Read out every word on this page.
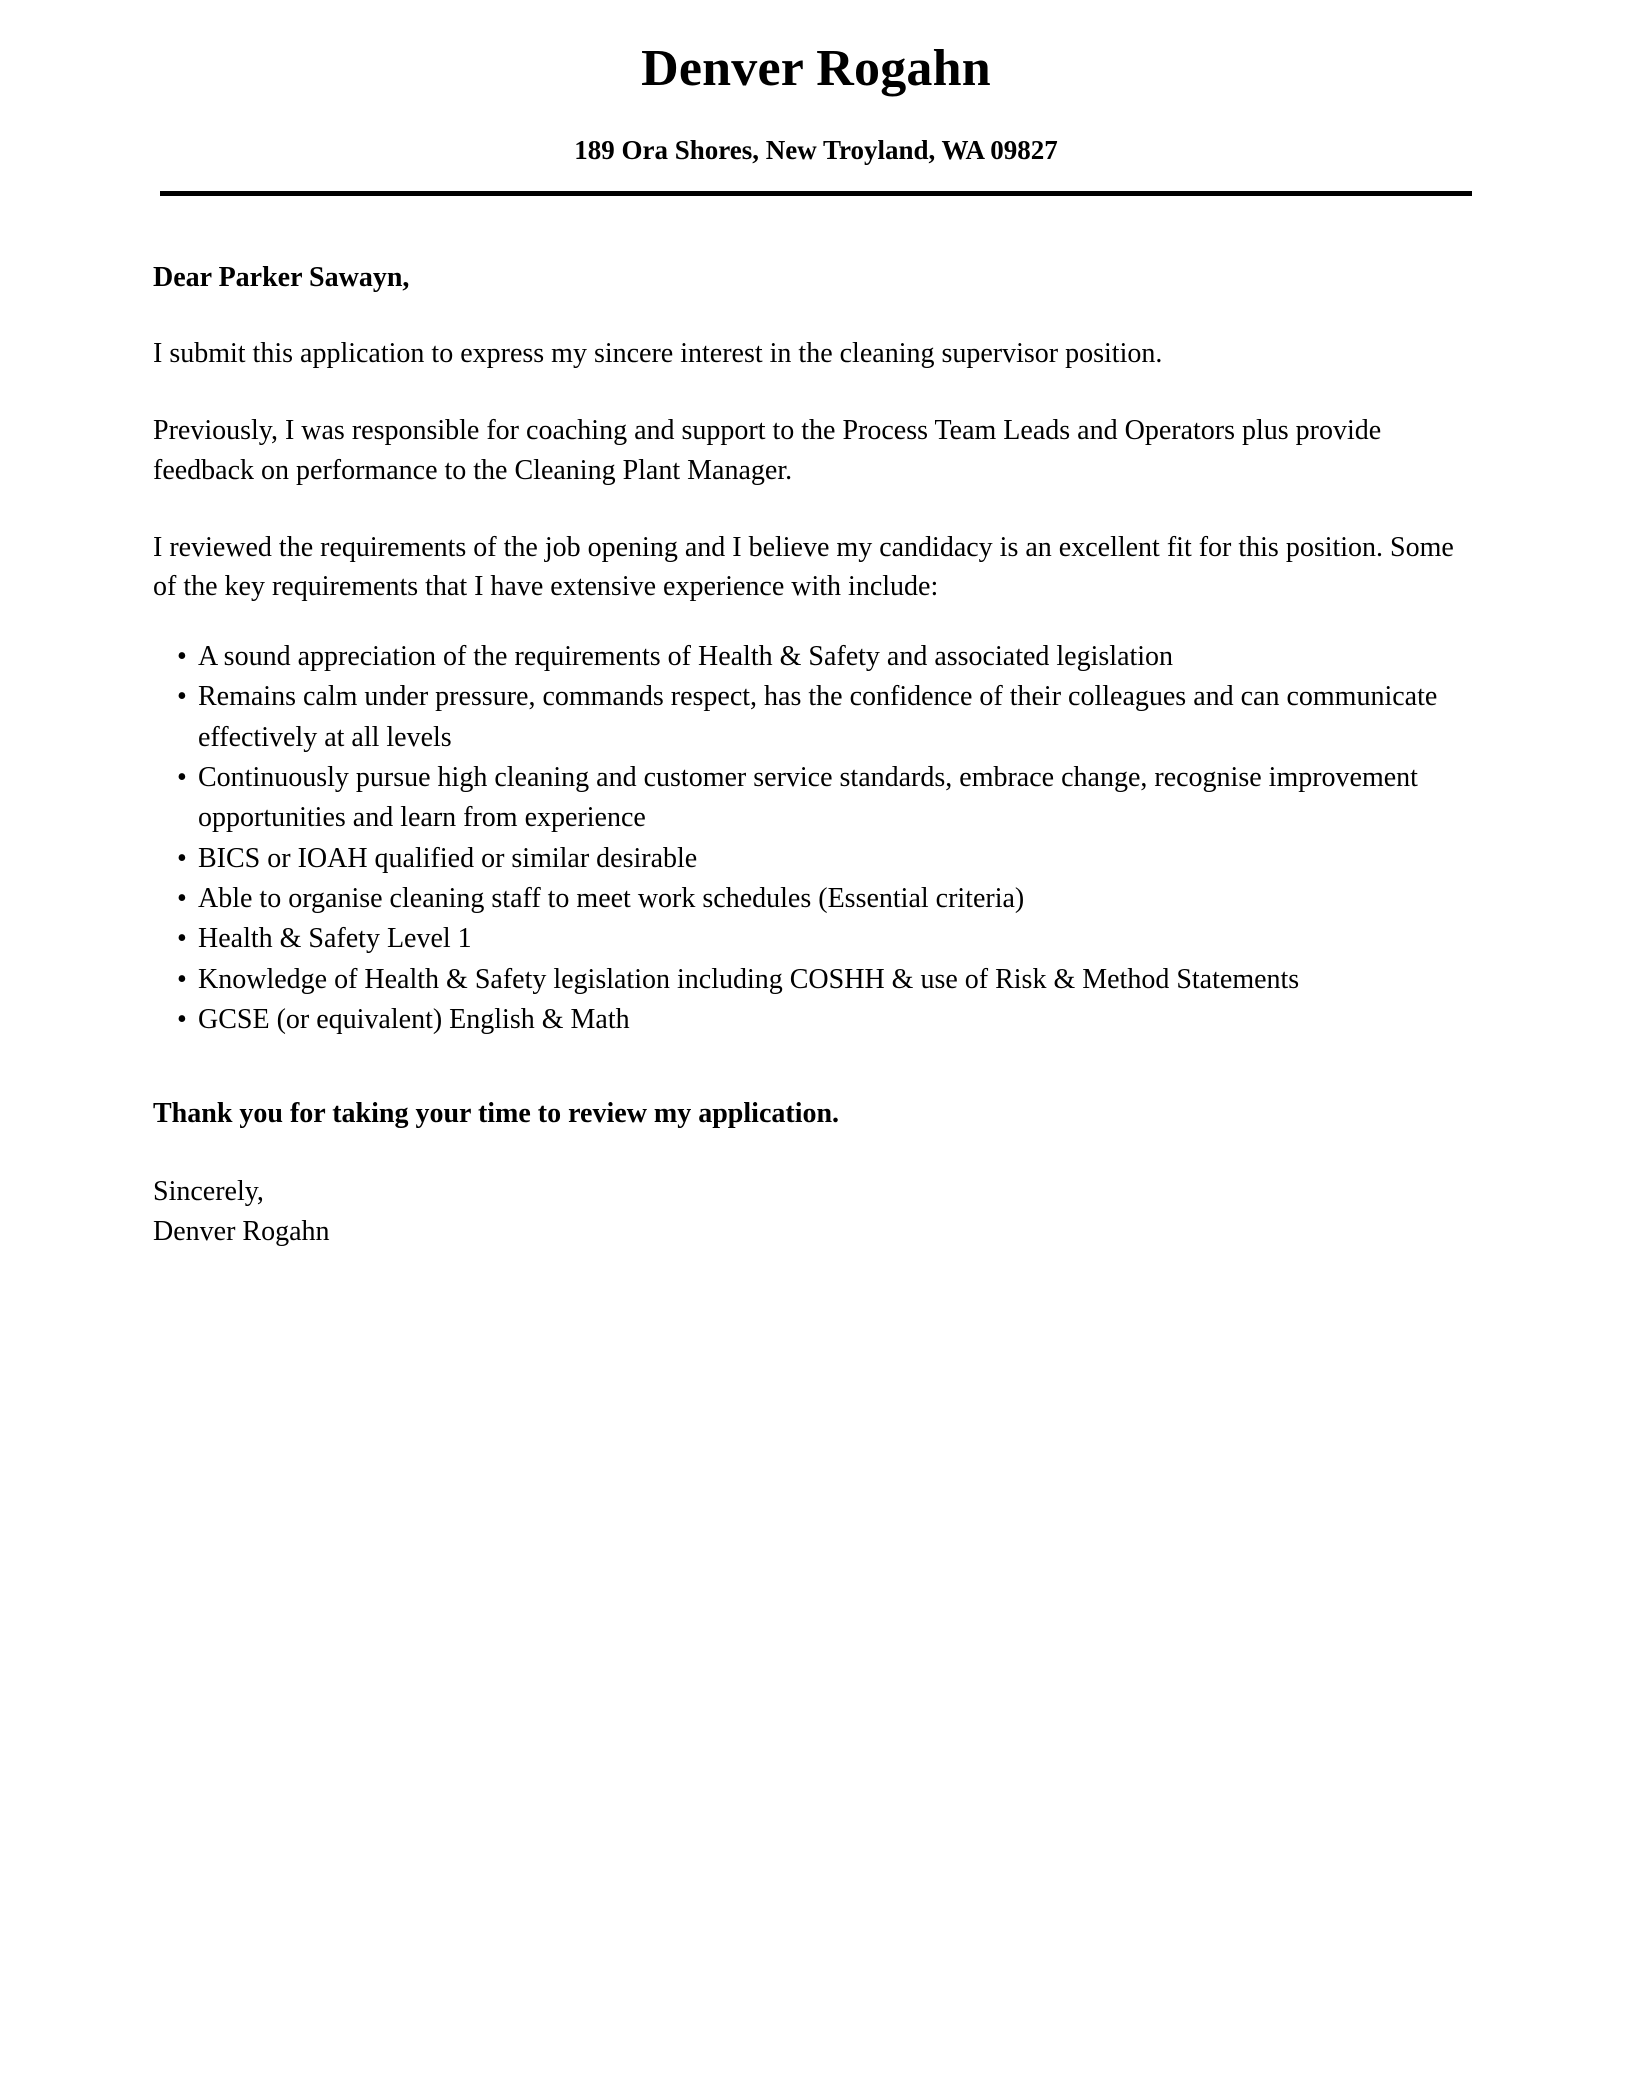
Denver Rogahn
189 Ora Shores, New Troyland, WA 09827

Dear Parker Sawayn,

I submit this application to express my sincere interest in the cleaning supervisor position.

Previously, I was responsible for coaching and support to the Process Team Leads and Operators plus provide feedback on performance to the Cleaning Plant Manager.

I reviewed the requirements of the job opening and I believe my candidacy is an excellent fit for this position. Some of the key requirements that I have extensive experience with include:

• A sound appreciation of the requirements of Health & Safety and associated legislation
• Remains calm under pressure, commands respect, has the confidence of their colleagues and can communicate effectively at all levels
• Continuously pursue high cleaning and customer service standards, embrace change, recognise improvement opportunities and learn from experience
• BICS or IOAH qualified or similar desirable
• Able to organise cleaning staff to meet work schedules (Essential criteria)
• Health & Safety Level 1
• Knowledge of Health & Safety legislation including COSHH & use of Risk & Method Statements
• GCSE (or equivalent) English & Math

Thank you for taking your time to review my application.

Sincerely,

Denver Rogahn
